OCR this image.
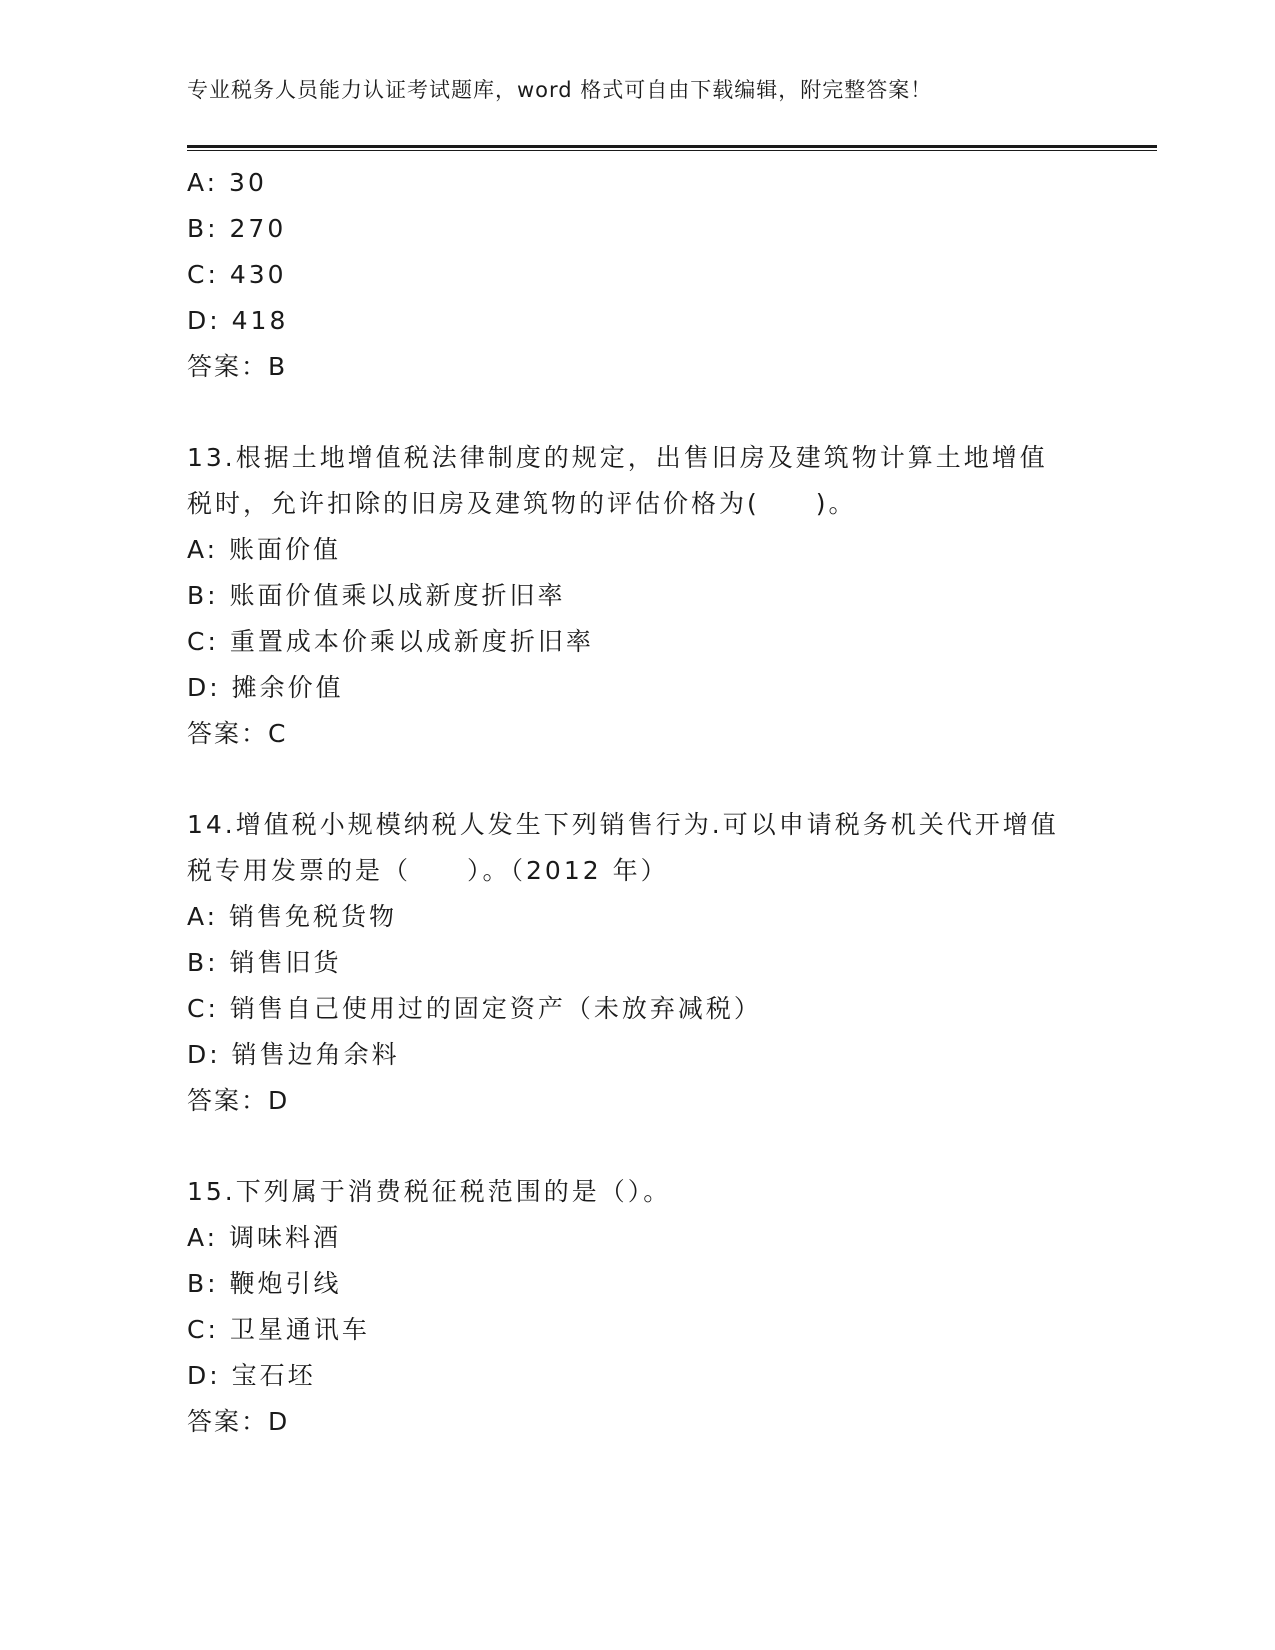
专业税务人员能力认证考试题库，word 格式可自由下载编辑，附完整答案！
A: 30
B: 270
C: 430
D: 418
答案：B
13.根据土地增值税法律制度的规定，出售旧房及建筑物计算土地增值税时，允许扣除的旧房及建筑物的评估价格为(　　)。
A: 账面价值
B: 账面价值乘以成新度折旧率
C: 重置成本价乘以成新度折旧率
D: 摊余价值
答案：C
14.增值税小规模纳税人发生下列销售行为.可以申请税务机关代开增值税专用发票的是（　　）。（2012 年）
A: 销售免税货物
B: 销售旧货
C: 销售自己使用过的固定资产（未放弃减税）
D: 销售边角余料
答案：D
15.下列属于消费税征税范围的是（）。
A: 调味料酒
B: 鞭炮引线
C: 卫星通讯车
D: 宝石坯
答案：D
